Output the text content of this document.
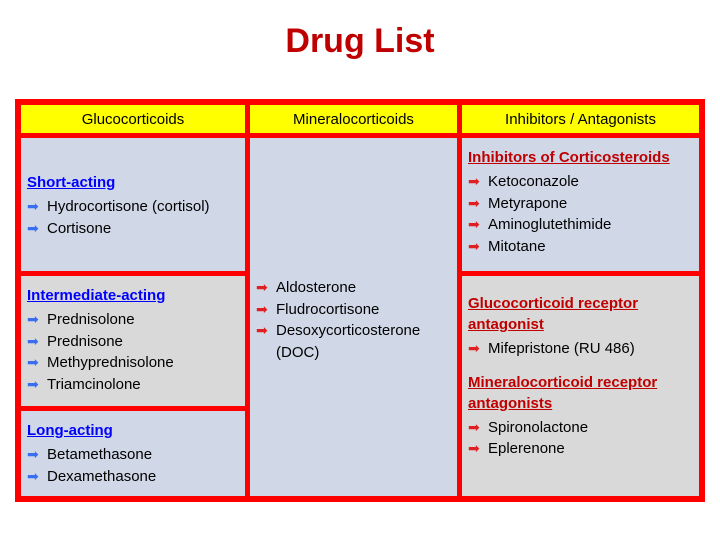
Drug List
Glucocorticoids	Mineralocorticoids	Inhibitors / Antagonists
Short-acting
➡ Hydrocortisone (cortisol)
➡ Cortisone
Intermediate-acting
➡ Prednisolone
➡ Prednisone
➡ Methyprednisolone
➡ Triamcinolone
Long-acting
➡ Betamethasone
➡ Dexamethasone
➡ Aldosterone
➡ Fludrocortisone
➡ Desoxycorticosterone (DOC)
Inhibitors of Corticosteroids
➡ Ketoconazole
➡ Metyrapone
➡ Aminoglutethimide
➡ Mitotane
Glucocorticoid receptor antagonist
➡ Mifepristone (RU 486)
Mineralocorticoid receptor antagonists
➡ Spironolactone
➡ Eplerenone
